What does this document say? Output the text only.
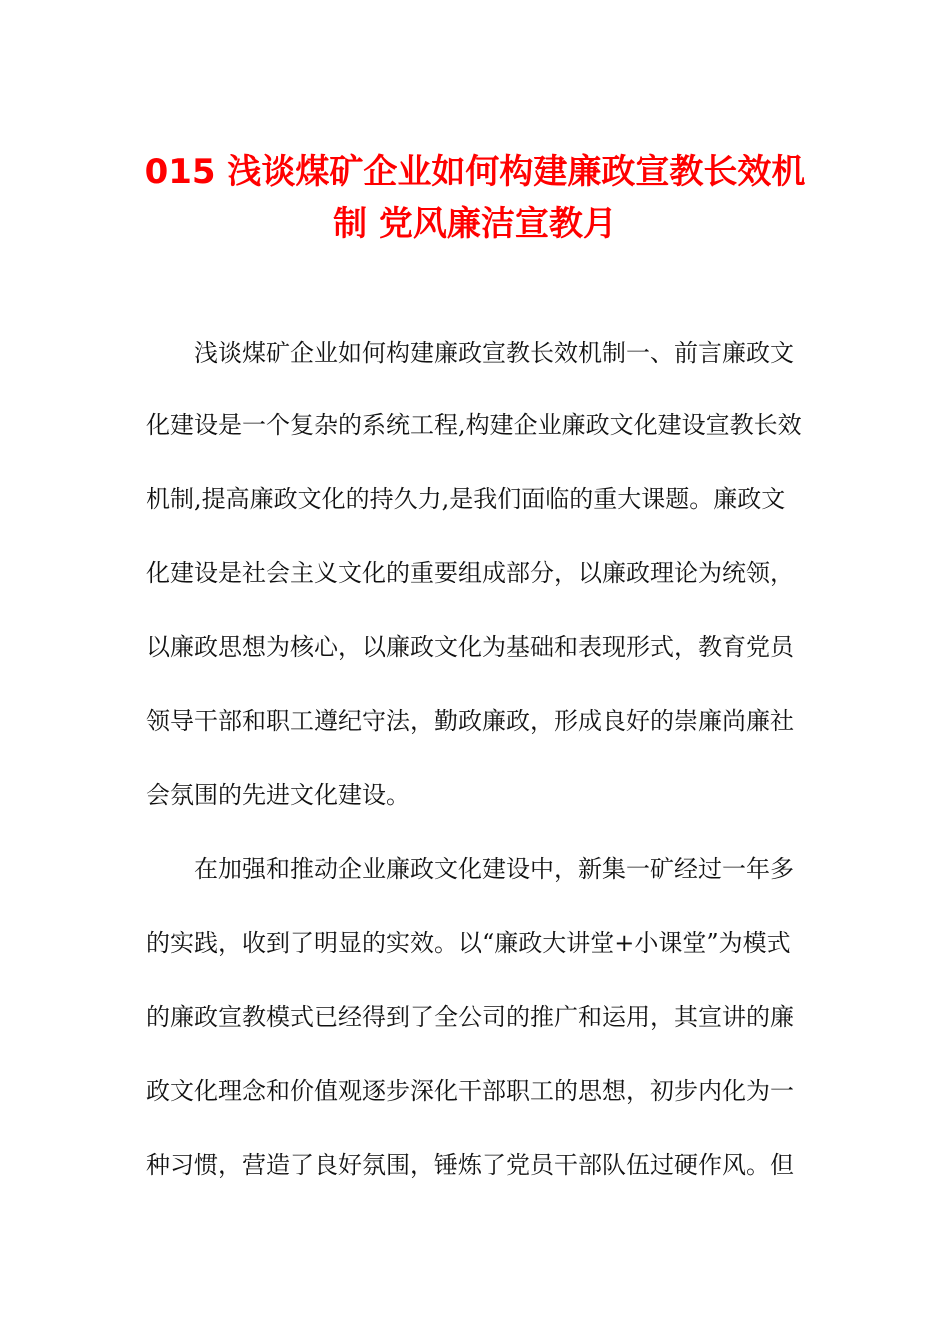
015 浅谈煤矿企业如何构建廉政宣教长效机
制 党风廉洁宣教月

浅谈煤矿企业如何构建廉政宣教长效机制一、前言廉政文

化建设是一个复杂的系统工程,构建企业廉政文化建设宣教长效

机制,提高廉政文化的持久力,是我们面临的重大课题。廉政文

化建设是社会主义文化的重要组成部分，以廉政理论为统领，

以廉政思想为核心，以廉政文化为基础和表现形式，教育党员

领导干部和职工遵纪守法，勤政廉政，形成良好的崇廉尚廉社

会氛围的先进文化建设。

在加强和推动企业廉政文化建设中，新集一矿经过一年多

的实践，收到了明显的实效。以“廉政大讲堂+小课堂”为模式

的廉政宣教模式已经得到了全公司的推广和运用，其宣讲的廉

政文化理念和价值观逐步深化干部职工的思想，初步内化为一

种习惯，营造了良好氛围，锤炼了党员干部队伍过硬作风。但
